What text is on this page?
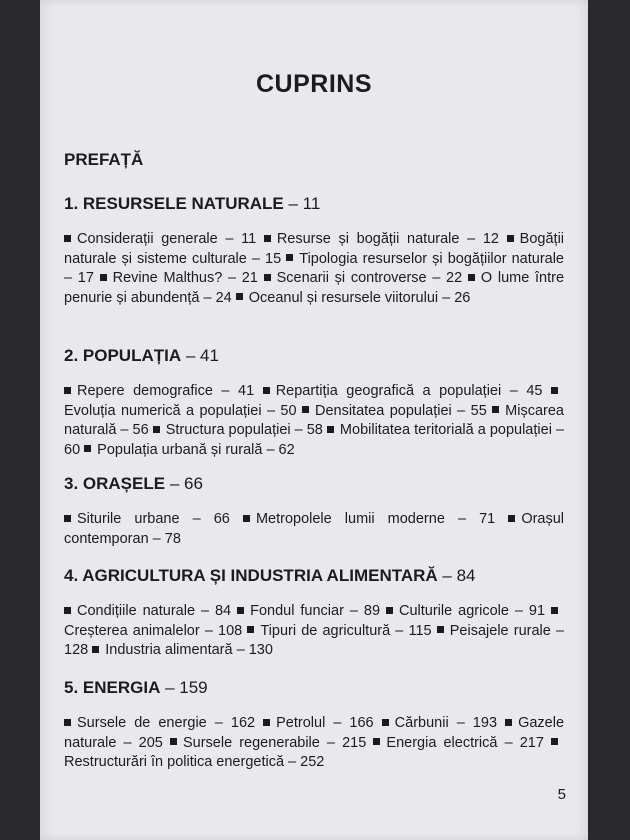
CUPRINS
PREFAȚĂ
1. RESURSELE NATURALE – 11
Considerații generale – 11 Resurse și bogății naturale – 12 Bogății naturale și sisteme culturale – 15 Tipologia resurselor și bogățiilor naturale – 17 Revine Malthus? – 21 Scenarii și controverse – 22 O lume între penurie și abundență – 24 Oceanul și resursele viitorului – 26
2. POPULAȚIA – 41
Repere demografice – 41 Repartiția geografică a populației – 45 Evoluția numerică a populației – 50 Densitatea populației – 55 Mișcarea naturală – 56 Structura populației – 58 Mobilitatea teritorială a populației – 60 Populația urbană și rurală – 62
3. ORAȘELE – 66
Siturile urbane – 66 Metropolele lumii moderne – 71 Orașul contemporan – 78
4. AGRICULTURA ȘI INDUSTRIA ALIMENTARĂ – 84
Condițiile naturale – 84 Fondul funciar – 89 Culturile agricole – 91 Creșterea animalelor – 108 Tipuri de agricultură – 115 Peisajele rurale – 128 Industria alimentară – 130
5. ENERGIA – 159
Sursele de energie – 162 Petrolul – 166 Cărbunii – 193 Gazele naturale – 205 Sursele regenerabile – 215 Energia electrică – 217 Restructurări în politica energetică – 252
5
